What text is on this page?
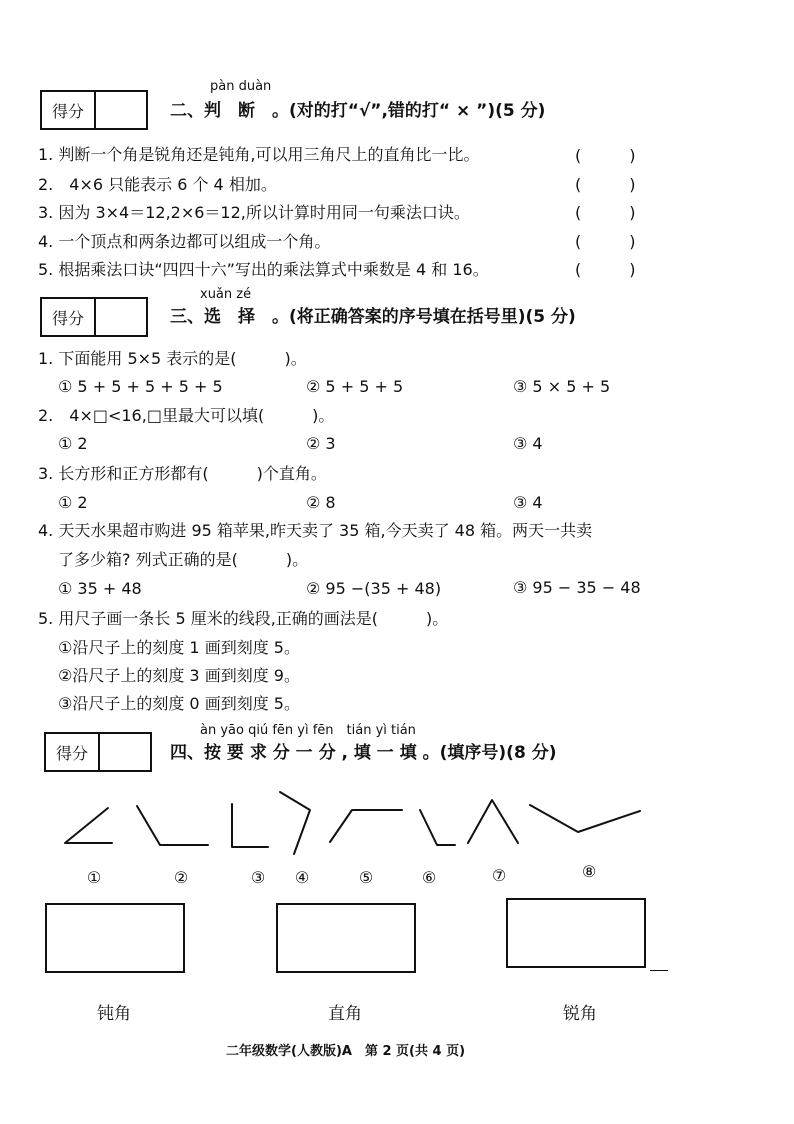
得分
pàn duàn
二、判　断　。(对的打“√”,错的打“ × ”)(5 分)
1. 判断一个角是锐角还是钝角,可以用三角尺上的直角比一比。	(　　　)
2.　4×6 只能表示 6 个 4 相加。	(　　　)
3. 因为 3×4＝12,2×6＝12,所以计算时用同一句乘法口诀。	(　　　)
4. 一个顶点和两条边都可以组成一个角。	(　　　)
5. 根据乘法口诀“四四十六”写出的乘法算式中乘数是 4 和 16。	(　　　)
得分
xuǎn zé
三、选　择　。(将正确答案的序号填在括号里)(5 分)
1. 下面能用 5×5 表示的是(　　　)。
① 5 + 5 + 5 + 5 + 5	② 5 + 5 + 5	③ 5 × 5 + 5
2.　4×□<16,□里最大可以填(　　　)。
① 2	② 3	③ 4
3. 长方形和正方形都有(　　　)个直角。
① 2	② 8	③ 4
4. 天天水果超市购进 95 箱苹果,昨天卖了 35 箱,今天卖了 48 箱。两天一共卖
了多少箱? 列式正确的是(　　　)。
① 35 + 48	② 95 −(35 + 48)	③ 95 − 35 − 48
5. 用尺子画一条长 5 厘米的线段,正确的画法是(　　　)。
①沿尺子上的刻度 1 画到刻度 5。
②沿尺子上的刻度 3 画到刻度 9。
③沿尺子上的刻度 0 画到刻度 5。
得分
àn yāo qiú fēn yì fēn　tián yì tián
四、按 要 求 分 一 分 , 填 一 填 。(填序号)(8 分)
①	②	③	④	⑤	⑥	⑦	⑧
钝角	直角	锐角
二年级数学(人教版)A　第 2 页(共 4 页)
